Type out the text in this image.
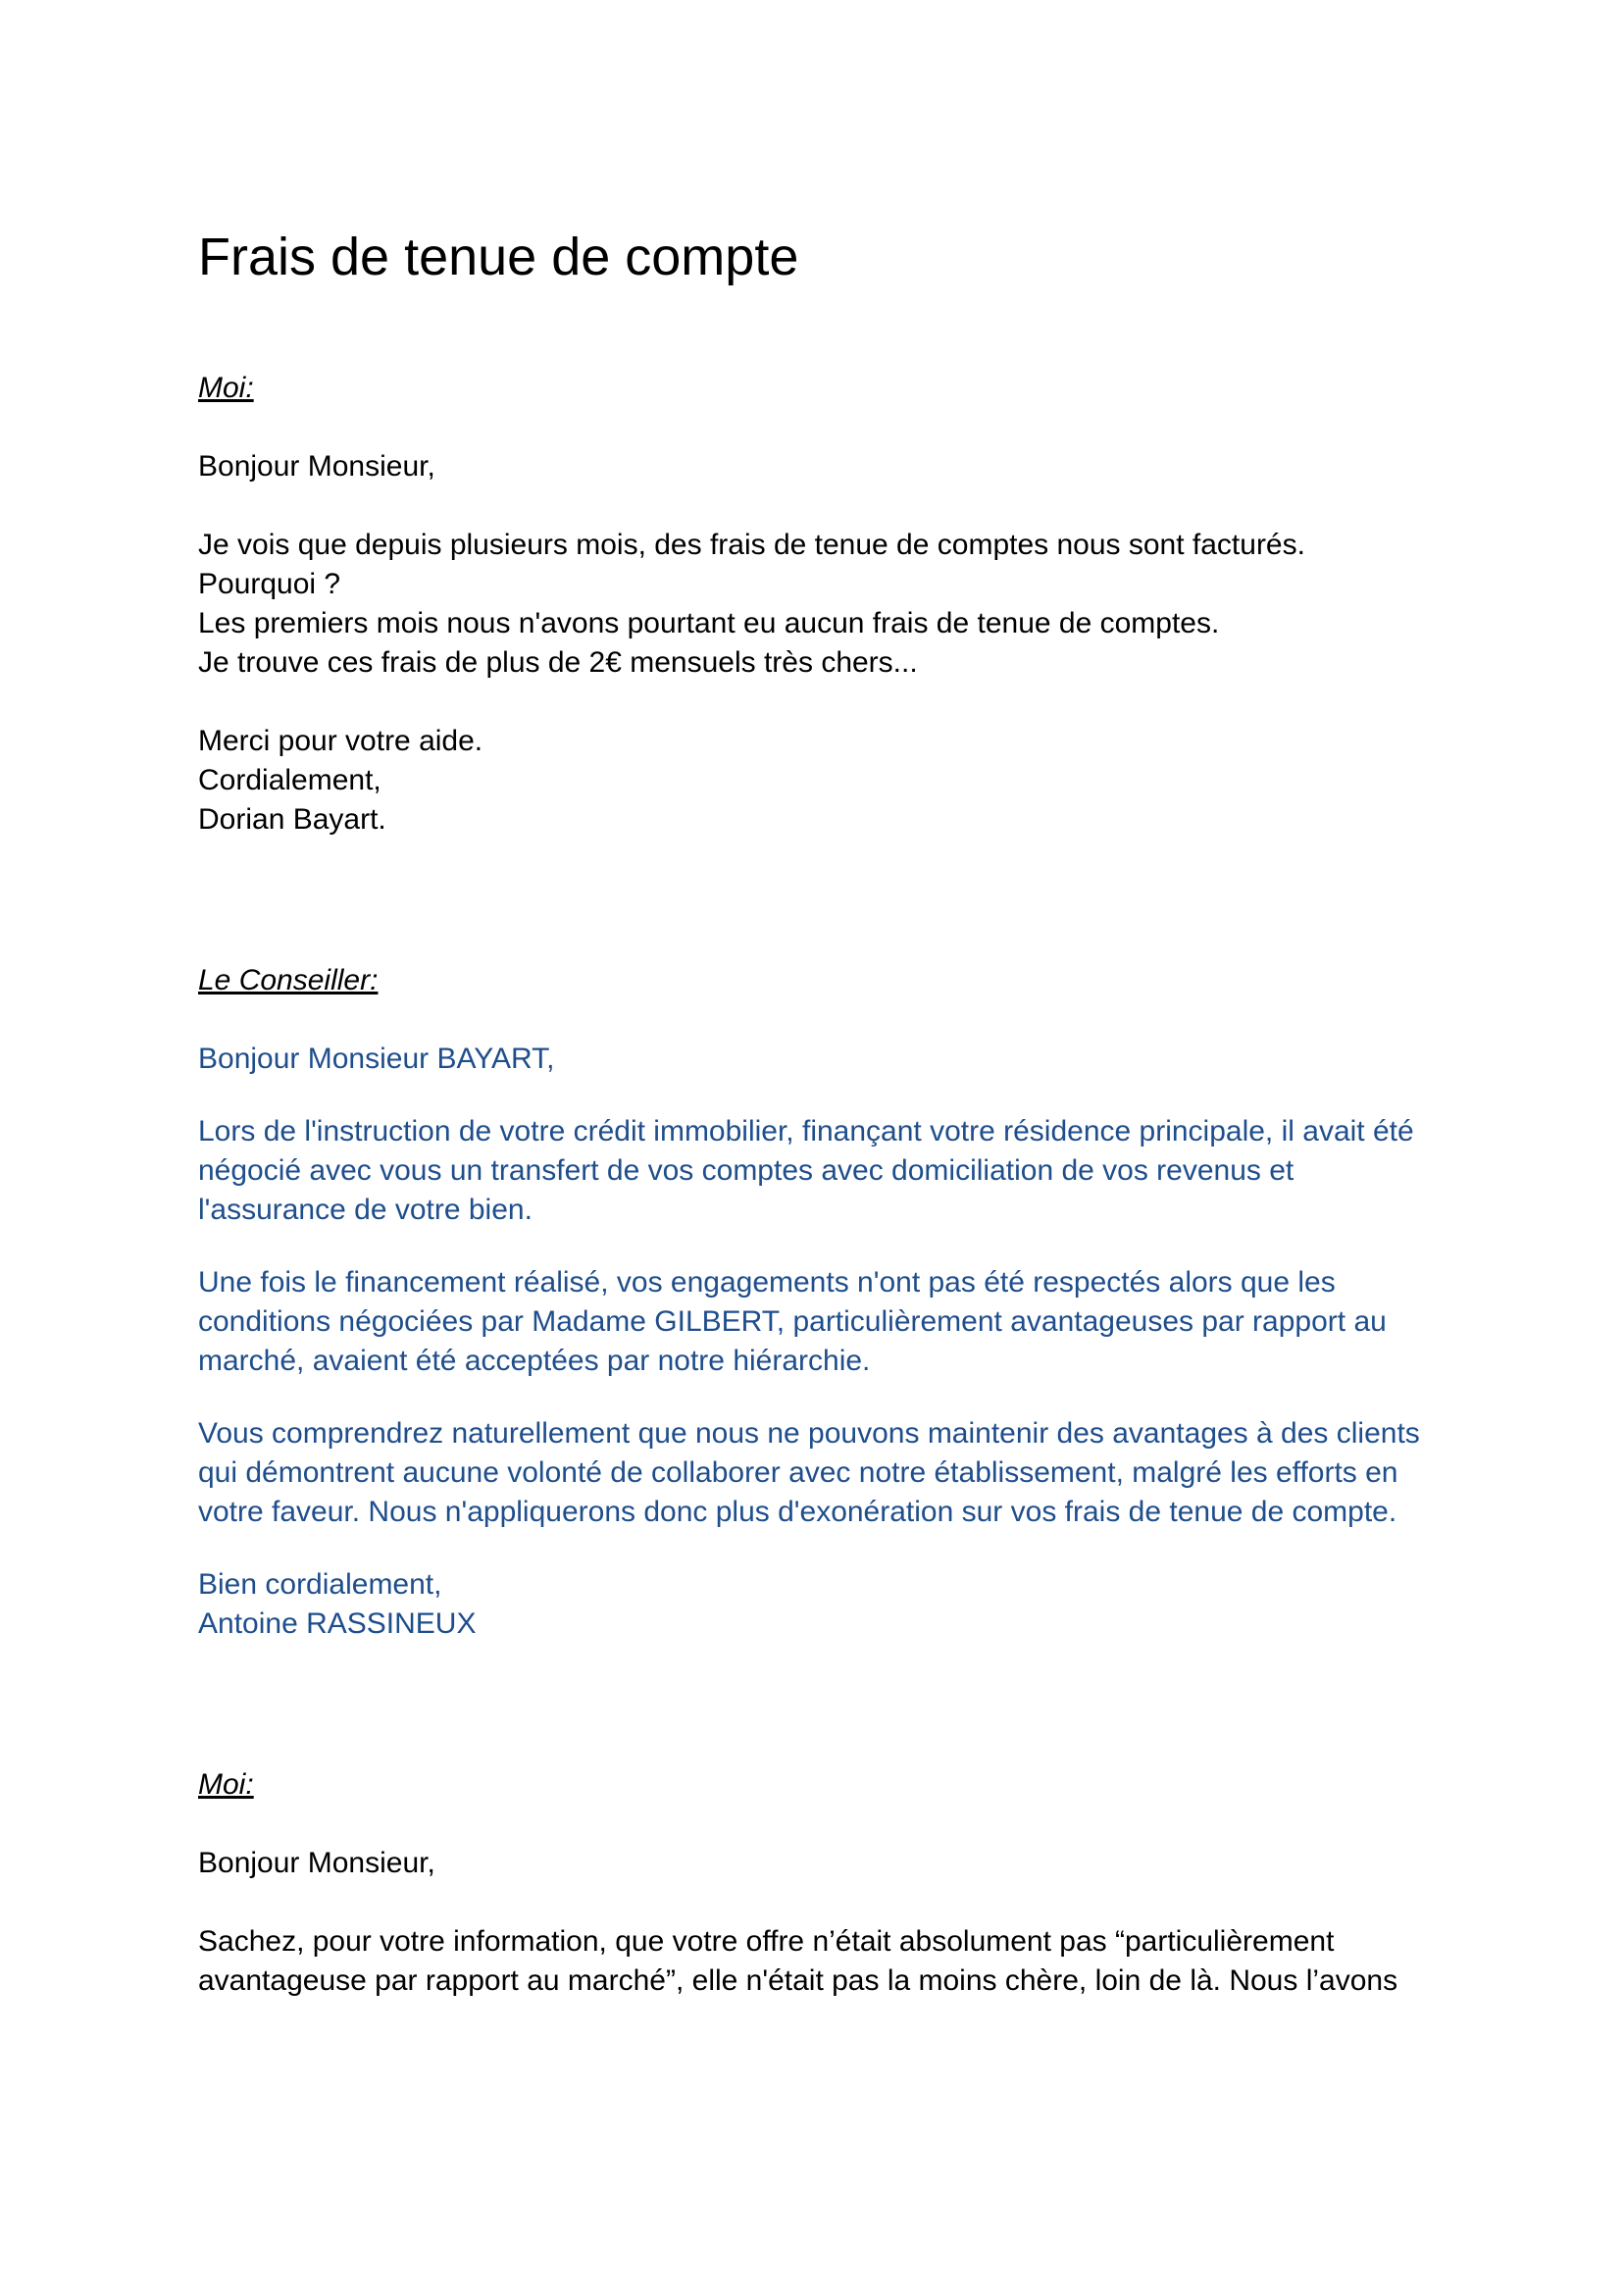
Frais de tenue de compte

Moi:

Bonjour Monsieur,

Je vois que depuis plusieurs mois, des frais de tenue de comptes nous sont facturés.

Pourquoi ?

Les premiers mois nous n'avons pourtant eu aucun frais de tenue de comptes.

Je trouve ces frais de plus de 2€ mensuels très chers...

Merci pour votre aide.

Cordialement,

Dorian Bayart.

Le Conseiller:

Bonjour Monsieur BAYART,

Lors de l'instruction de votre crédit immobilier, finançant votre résidence principale, il avait été négocié avec vous un transfert de vos comptes avec domiciliation de vos revenus et l'assurance de votre bien.

Une fois le financement réalisé, vos engagements n'ont pas été respectés alors que les conditions négociées par Madame GILBERT, particulièrement avantageuses par rapport au marché, avaient été acceptées par notre hiérarchie.

Vous comprendrez naturellement que nous ne pouvons maintenir des avantages à des clients qui démontrent aucune volonté de collaborer avec notre établissement, malgré les efforts en votre faveur. Nous n'appliquerons donc plus d'exonération sur vos frais de tenue de compte.

Bien cordialement,

Antoine RASSINEUX

Moi:

Bonjour Monsieur,

Sachez, pour votre information, que votre offre n’était absolument pas “particulièrement

avantageuse par rapport au marché”, elle n'était pas la moins chère, loin de là. Nous l’avons
